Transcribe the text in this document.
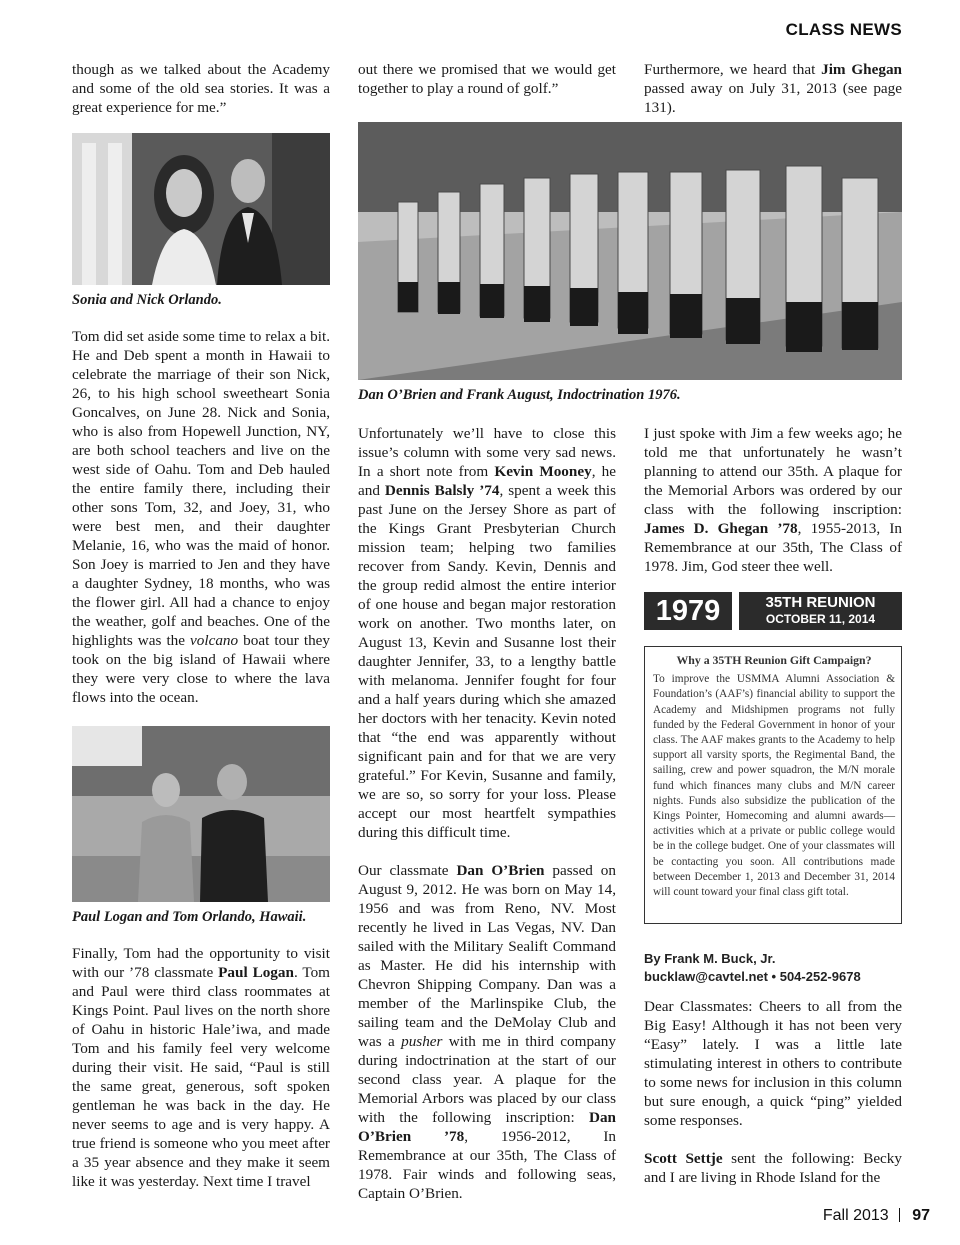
CLASS NEWS

though as we talked about the Academy and some of the old sea stories. It was a great experience for me.”

Sonia and Nick Orlando.

Tom did set aside some time to relax a bit. He and Deb spent a month in Hawaii to celebrate the marriage of their son Nick, 26, to his high school sweetheart Sonia Goncalves, on June 28. Nick and Sonia, who is also from Hopewell Junction, NY, are both school teachers and live on the west side of Oahu. Tom and Deb hauled the entire family there, including their other sons Tom, 32, and Joey, 31, who were best men, and their daughter Melanie, 16, who was the maid of honor. Son Joey is married to Jen and they have a daughter Sydney, 18 months, who was the flower girl. All had a chance to enjoy the weather, golf and beaches. One of the highlights was the volcano boat tour they took on the big island of Hawaii where they were very close to where the lava flows into the ocean.

Paul Logan and Tom Orlando, Hawaii.

Finally, Tom had the opportunity to visit with our ’78 classmate Paul Logan. Tom and Paul were third class roommates at Kings Point. Paul lives on the north shore of Oahu in historic Hale’iwa, and made Tom and his family feel very welcome during their visit. He said, “Paul is still the same great, generous, soft spoken gentleman he was back in the day. He never seems to age and is very happy. A true friend is someone who you meet after a 35 year absence and they make it seem like it was yesterday. Next time I travel

out there we promised that we would get together to play a round of golf.”

Furthermore, we heard that Jim Ghegan passed away on July 31, 2013 (see page 131).

Dan O’Brien and Frank August, Indoctrination 1976.

Unfortunately we’ll have to close this issue’s column with some very sad news. In a short note from Kevin Mooney, he and Dennis Balsly ’74, spent a week this past June on the Jersey Shore as part of the Kings Grant Presbyterian Church mission team; helping two families recover from Sandy. Kevin, Dennis and the group redid almost the entire interior of one house and began major restoration work on another. Two months later, on August 13, Kevin and Susanne lost their daughter Jennifer, 33, to a lengthy battle with melanoma. Jennifer fought for four and a half years during which she amazed her doctors with her tenacity. Kevin noted that “the end was apparently without significant pain and for that we are very grateful.” For Kevin, Susanne and family, we are so, so sorry for your loss. Please accept our most heartfelt sympathies during this difficult time.

Our classmate Dan O’Brien passed on August 9, 2012. He was born on May 14, 1956 and was from Reno, NV. Most recently he lived in Las Vegas, NV. Dan sailed with the Military Sealift Command as Master. He did his internship with Chevron Shipping Company. Dan was a member of the Marlinspike Club, the sailing team and the DeMolay Club and was a pusher with me in third company during indoctrination at the start of our second class year. A plaque for the Memorial Arbors was placed by our class with the following inscription: Dan O’Brien ’78, 1956-2012, In Remembrance at our 35th, The Class of 1978. Fair winds and following seas, Captain O’Brien.

I just spoke with Jim a few weeks ago; he told me that unfortunately he wasn’t planning to attend our 35th. A plaque for the Memorial Arbors was ordered by our class with the following inscription: James D. Ghegan ’78, 1955-2013, In Remembrance at our 35th, The Class of 1978. Jim, God steer thee well.

1979	35TH REUNION
OCTOBER 11, 2014
Why a 35TH Reunion Gift Campaign?
To improve the USMMA Alumni Association & Foundation’s (AAF’s) financial ability to support the Academy and Midshipmen programs not fully funded by the Federal Government in honor of your class. The AAF makes grants to the Academy to help support all varsity sports, the Regimental Band, the sailing, crew and power squadron, the M/N morale fund which finances many clubs and M/N career nights. Funds also subsidize the publication of the Kings Pointer, Homecoming and alumni awards—activities which at a private or public college would be in the college budget. One of your classmates will be contacting you soon. All contributions made between December 1, 2013 and December 31, 2014 will count toward your final class gift total.
By Frank M. Buck, Jr.
bucklaw@cavtel.net • 504-252-9678

Dear Classmates: Cheers to all from the Big Easy! Although it has not been very “Easy” lately. I was a little late stimulating interest in others to contribute to some news for inclusion in this column but sure enough, a quick “ping” yielded some responses.

Scott Settje sent the following: Becky and I are living in Rhode Island for the

Fall 2013 97
